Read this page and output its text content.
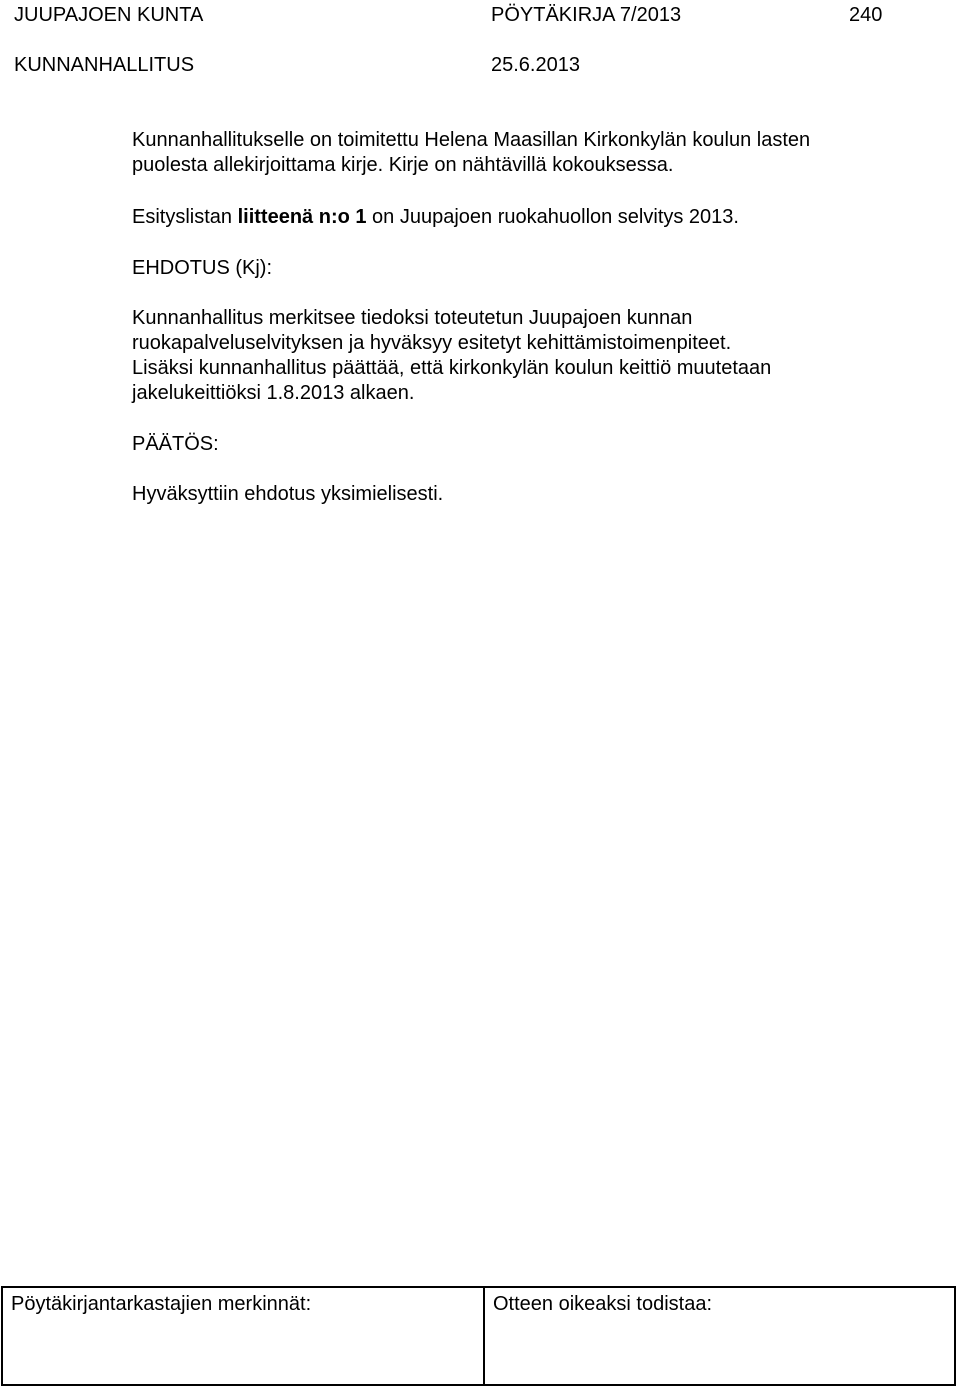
JUUPAJOEN KUNTA	PÖYTÄKIRJA 7/2013	240
KUNNANHALLITUS	25.6.2013
Kunnanhallitukselle on toimitettu Helena Maasillan Kirkonkylän koulun lasten
puolesta allekirjoittama kirje. Kirje on nähtävillä kokouksessa.
Esityslistan liitteenä n:o 1 on Juupajoen ruokahuollon selvitys 2013.
EHDOTUS (Kj):
Kunnanhallitus merkitsee tiedoksi toteutetun Juupajoen kunnan
ruokapalveluselvityksen ja hyväksyy esitetyt kehittämistoimenpiteet.
Lisäksi kunnanhallitus päättää, että kirkonkylän koulun keittiö muutetaan
jakelukeittiöksi 1.8.2013 alkaen.
PÄÄTÖS:
Hyväksyttiin ehdotus yksimielisesti.
Pöytäkirjantarkastajien merkinnät:	Otteen oikeaksi todistaa:
